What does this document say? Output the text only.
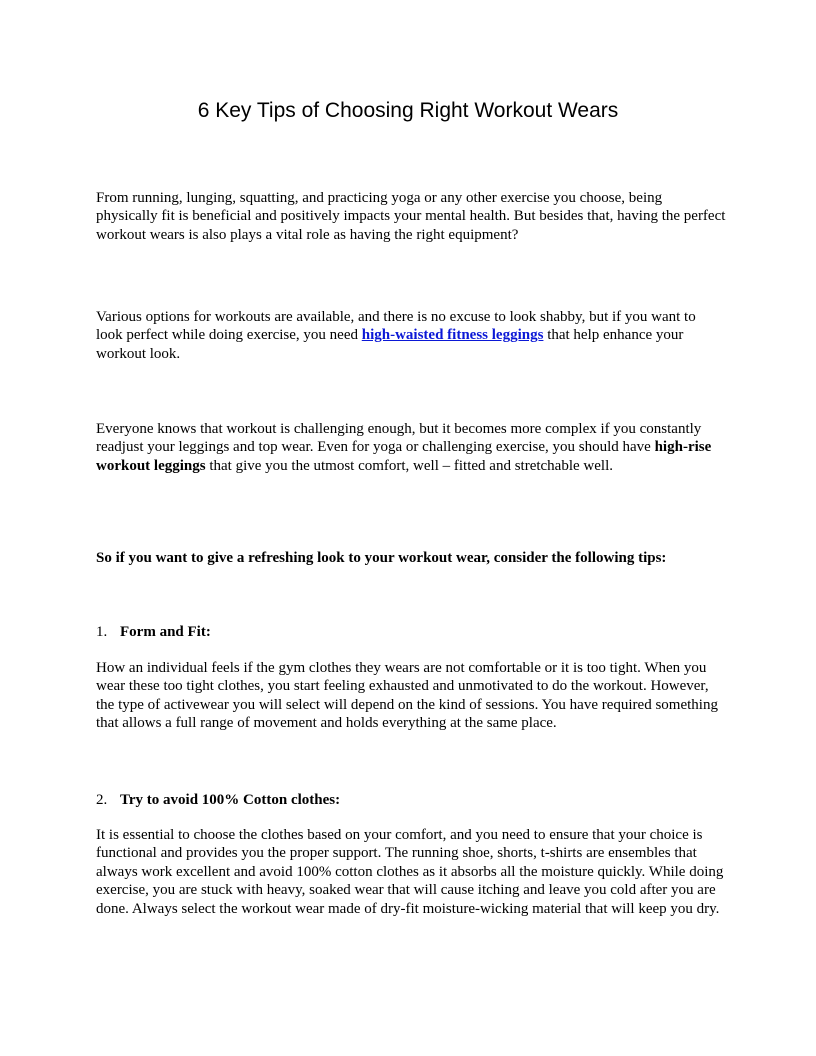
6 Key Tips of Choosing Right Workout Wears

From running, lunging, squatting, and practicing yoga or any other exercise you choose, being physically fit is beneficial and positively impacts your mental health. But besides that, having the perfect workout wears is also plays a vital role as having the right equipment?

Various options for workouts are available, and there is no excuse to look shabby, but if you want to look perfect while doing exercise, you need high-waisted fitness leggings that help enhance your workout look.

Everyone knows that workout is challenging enough, but it becomes more complex if you constantly readjust your leggings and top wear. Even for yoga or challenging exercise, you should have high-rise workout leggings that give you the utmost comfort, well – fitted and stretchable well.

So if you want to give a refreshing look to your workout wear, consider the following tips:

1. Form and Fit:

How an individual feels if the gym clothes they wears are not comfortable or it is too tight. When you wear these too tight clothes, you start feeling exhausted and unmotivated to do the workout. However, the type of activewear you will select will depend on the kind of sessions. You have required something that allows a full range of movement and holds everything at the same place.

2. Try to avoid 100% Cotton clothes:

It is essential to choose the clothes based on your comfort, and you need to ensure that your choice is functional and provides you the proper support. The running shoe, shorts, t-shirts are ensembles that always work excellent and avoid 100% cotton clothes as it absorbs all the moisture quickly. While doing exercise, you are stuck with heavy, soaked wear that will cause itching and leave you cold after you are done. Always select the workout wear made of dry-fit moisture-wicking material that will keep you dry.
